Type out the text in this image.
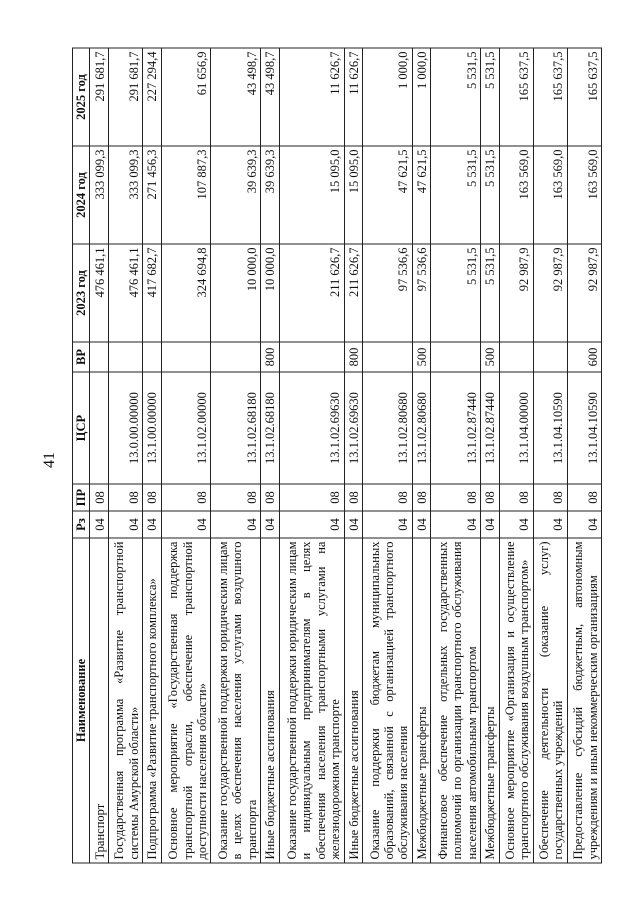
41
Наименование	Рз	ПР	ЦСР	ВР	2023 год	2024 год	2025 год
Транспорт	04	08			476 461,1	333 099,3	291 681,7
Государственная программа «Развитие транспортной системы Амурской области»	04	08	13.0.00.00000		476 461,1	333 099,3	291 681,7
Подпрограмма «Развитие транспортного комплекса»	04	08	13.1.00.00000		417 682,7	271 456,3	227 294,4
Основное мероприятие «Государственная поддержка транспортной отрасли, обеспечение транспортной доступности населения области»	04	08	13.1.02.00000		324 694,8	107 887,3	61 656,9
Оказание государственной поддержки юридическим лицам в целях обеспечения населения услугами воздушного транспорта	04	08	13.1.02.68180		10 000,0	39 639,3	43 498,7
Иные бюджетные ассигнования	04	08	13.1.02.68180	800	10 000,0	39 639,3	43 498,7
Оказание государственной поддержки юридическим лицам и индивидуальным предпринимателям в целях обеспечения населения транспортными услугами на железнодорожном транспорте	04	08	13.1.02.69630		211 626,7	15 095,0	11 626,7
Иные бюджетные ассигнования	04	08	13.1.02.69630	800	211 626,7	15 095,0	11 626,7
Оказание поддержки бюджетам муниципальных образований, связанной с организацией транспортного обслуживания населения	04	08	13.1.02.80680		97 536,6	47 621,5	1 000,0
Межбюджетные трансферты	04	08	13.1.02.80680	500	97 536,6	47 621,5	1 000,0
Финансовое обеспечение отдельных государственных полномочий по организации транспортного обслуживания населения автомобильным транспортом	04	08	13.1.02.87440		5 531,5	5 531,5	5 531,5
Межбюджетные трансферты	04	08	13.1.02.87440	500	5 531,5	5 531,5	5 531,5
Основное мероприятие «Организация и осуществление транспортного обслуживания воздушным транспортом»	04	08	13.1.04.00000		92 987,9	163 569,0	165 637,5
Обеспечение деятельности (оказание услуг) государственных учреждений	04	08	13.1.04.10590		92 987,9	163 569,0	165 637,5
Предоставление субсидий бюджетным, автономным учреждениям и иным некоммерческим организациям	04	08	13.1.04.10590	600	92 987,9	163 569,0	165 637,5
